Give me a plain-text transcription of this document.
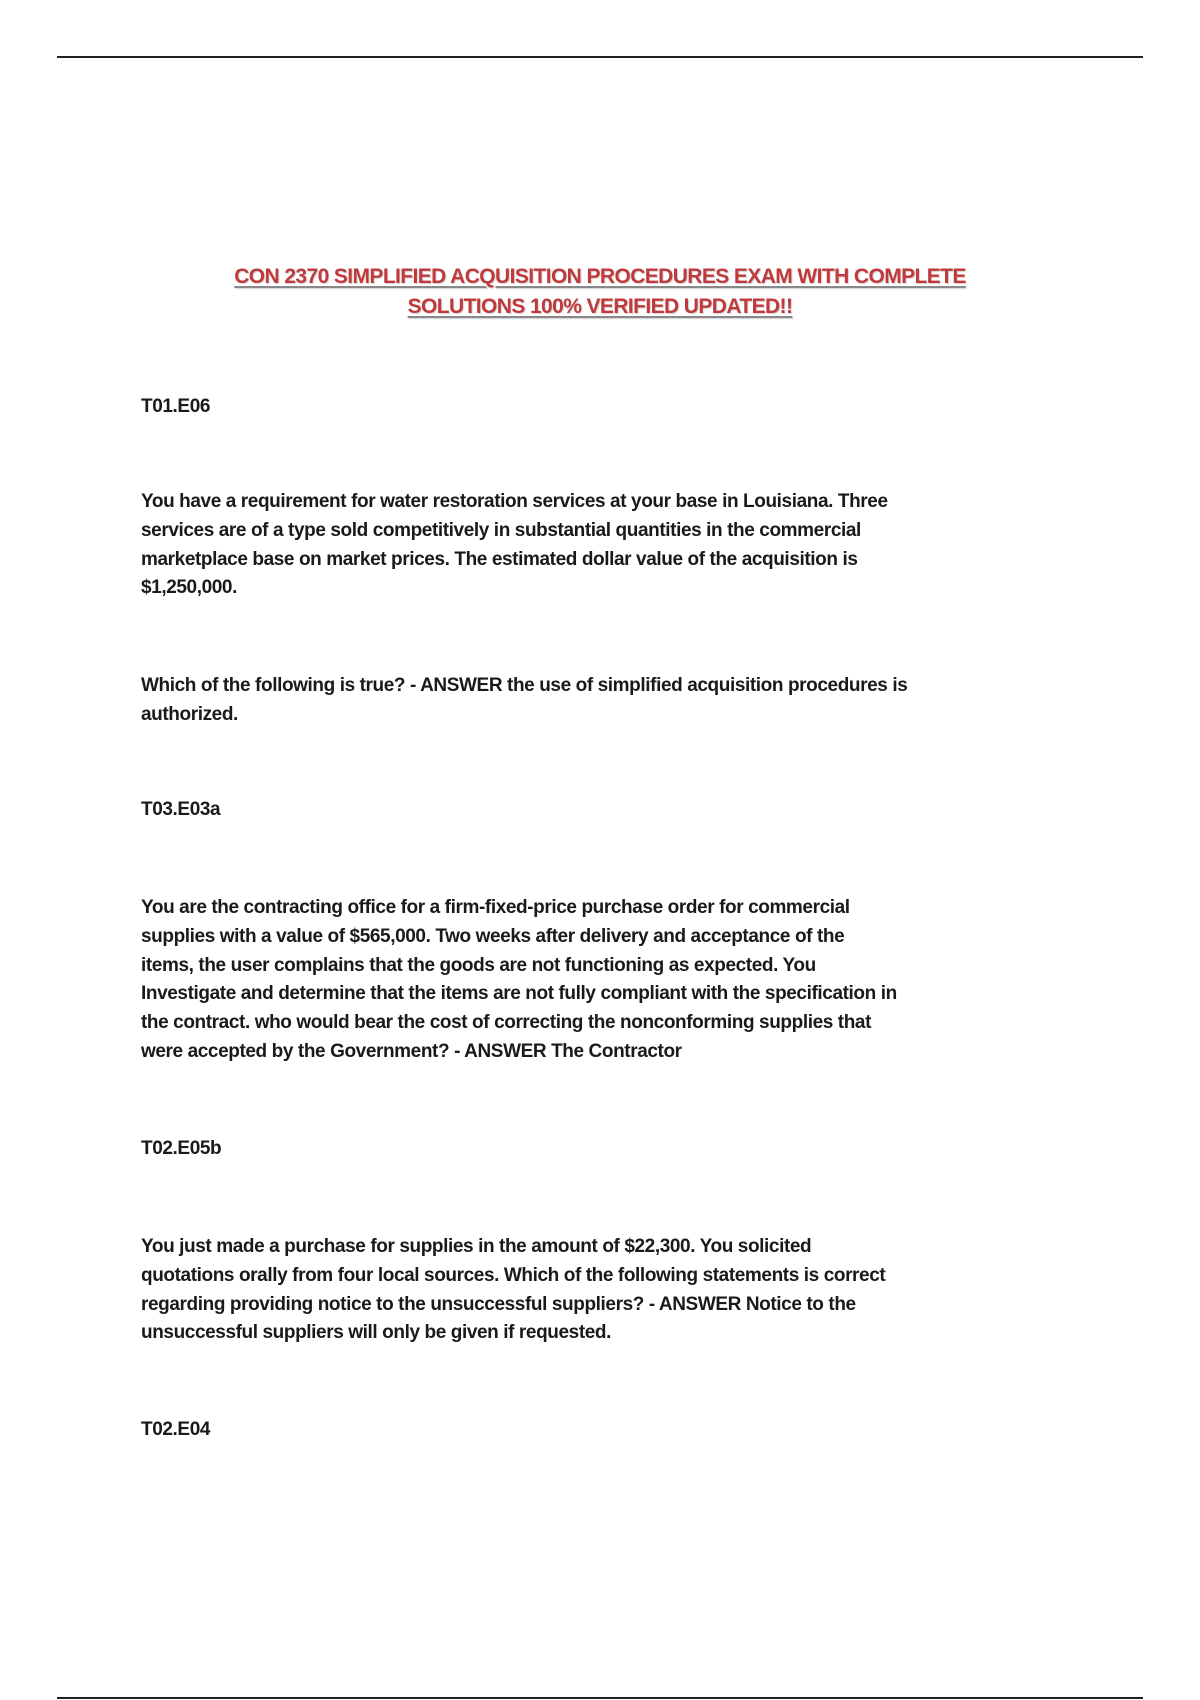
CON 2370 SIMPLIFIED ACQUISITION PROCEDURES EXAM WITH COMPLETE
SOLUTIONS 100% VERIFIED UPDATED!!
T01.E06
You have a requirement for water restoration services at your base in Louisiana. Three
services are of a type sold competitively in substantial quantities in the commercial
marketplace base on market prices. The estimated dollar value of the acquisition is
$1,250,000.
Which of the following is true? - ANSWER the use of simplified acquisition procedures is
authorized.
T03.E03a
You are the contracting office for a firm-fixed-price purchase order for commercial
supplies with a value of $565,000. Two weeks after delivery and acceptance of the
items, the user complains that the goods are not functioning as expected. You
Investigate and determine that the items are not fully compliant with the specification in
the contract. who would bear the cost of correcting the nonconforming supplies that
were accepted by the Government? - ANSWER The Contractor
T02.E05b
You just made a purchase for supplies in the amount of $22,300. You solicited
quotations orally from four local sources. Which of the following statements is correct
regarding providing notice to the unsuccessful suppliers? - ANSWER Notice to the
unsuccessful suppliers will only be given if requested.
T02.E04
